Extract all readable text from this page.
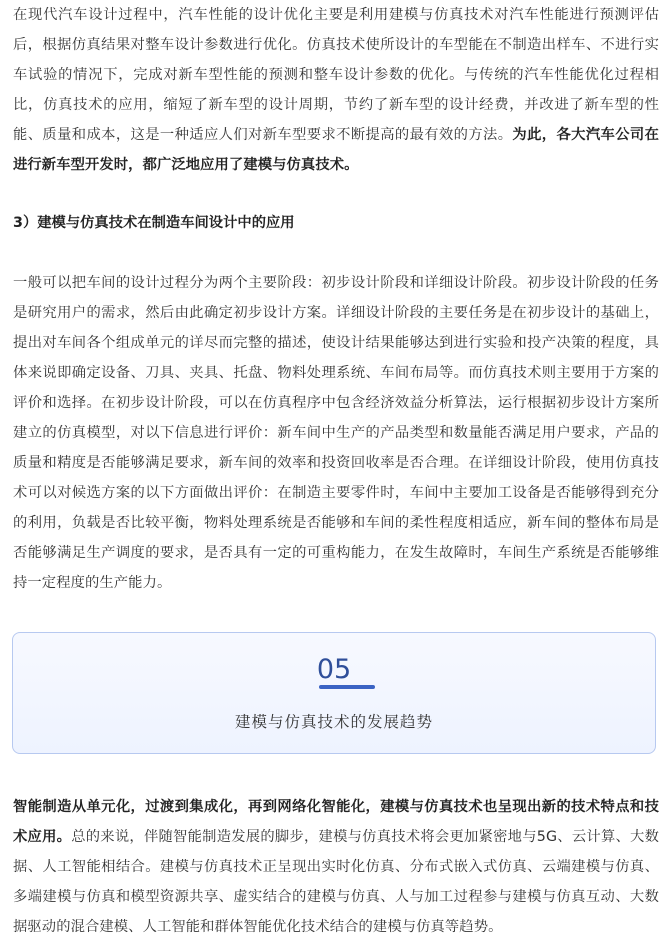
在现代汽车设计过程中，汽车性能的设计优化主要是利用建模与仿真技术对汽车性能进行预测评估后，根据仿真结果对整车设计参数进行优化。仿真技术使所设计的车型能在不制造出样车、不进行实车试验的情况下，完成对新车型性能的预测和整车设计参数的优化。与传统的汽车性能优化过程相比，仿真技术的应用，缩短了新车型的设计周期，节约了新车型的设计经费，并改进了新车型的性能、质量和成本，这是一种适应人们对新车型要求不断提高的最有效的方法。为此，各大汽车公司在进行新车型开发时，都广泛地应用了建模与仿真技术。

3）建模与仿真技术在制造车间设计中的应用

一般可以把车间的设计过程分为两个主要阶段：初步设计阶段和详细设计阶段。初步设计阶段的任务是研究用户的需求，然后由此确定初步设计方案。详细设计阶段的主要任务是在初步设计的基础上，提出对车间各个组成单元的详尽而完整的描述，使设计结果能够达到进行实验和投产决策的程度，具体来说即确定设备、刀具、夹具、托盘、物料处理系统、车间布局等。而仿真技术则主要用于方案的评价和选择。在初步设计阶段，可以在仿真程序中包含经济效益分析算法，运行根据初步设计方案所建立的仿真模型，对以下信息进行评价：新车间中生产的产品类型和数量能否满足用户要求，产品的质量和精度是否能够满足要求，新车间的效率和投资回收率是否合理。在详细设计阶段，使用仿真技术可以对候选方案的以下方面做出评价：在制造主要零件时，车间中主要加工设备是否能够得到充分的利用，负载是否比较平衡，物料处理系统是否能够和车间的柔性程度相适应，新车间的整体布局是否能够满足生产调度的要求，是否具有一定的可重构能力，在发生故障时，车间生产系统是否能够维持一定程度的生产能力。

05
建模与仿真技术的发展趋势

智能制造从单元化，过渡到集成化，再到网络化智能化，建模与仿真技术也呈现出新的技术特点和技术应用。总的来说，伴随智能制造发展的脚步，建模与仿真技术将会更加紧密地与5G、云计算、大数据、人工智能相结合。建模与仿真技术正呈现出实时化仿真、分布式嵌入式仿真、云端建模与仿真、多端建模与仿真和模型资源共享、虚实结合的建模与仿真、人与加工过程参与建模与仿真互动、大数据驱动的混合建模、人工智能和群体智能优化技术结合的建模与仿真等趋势。
